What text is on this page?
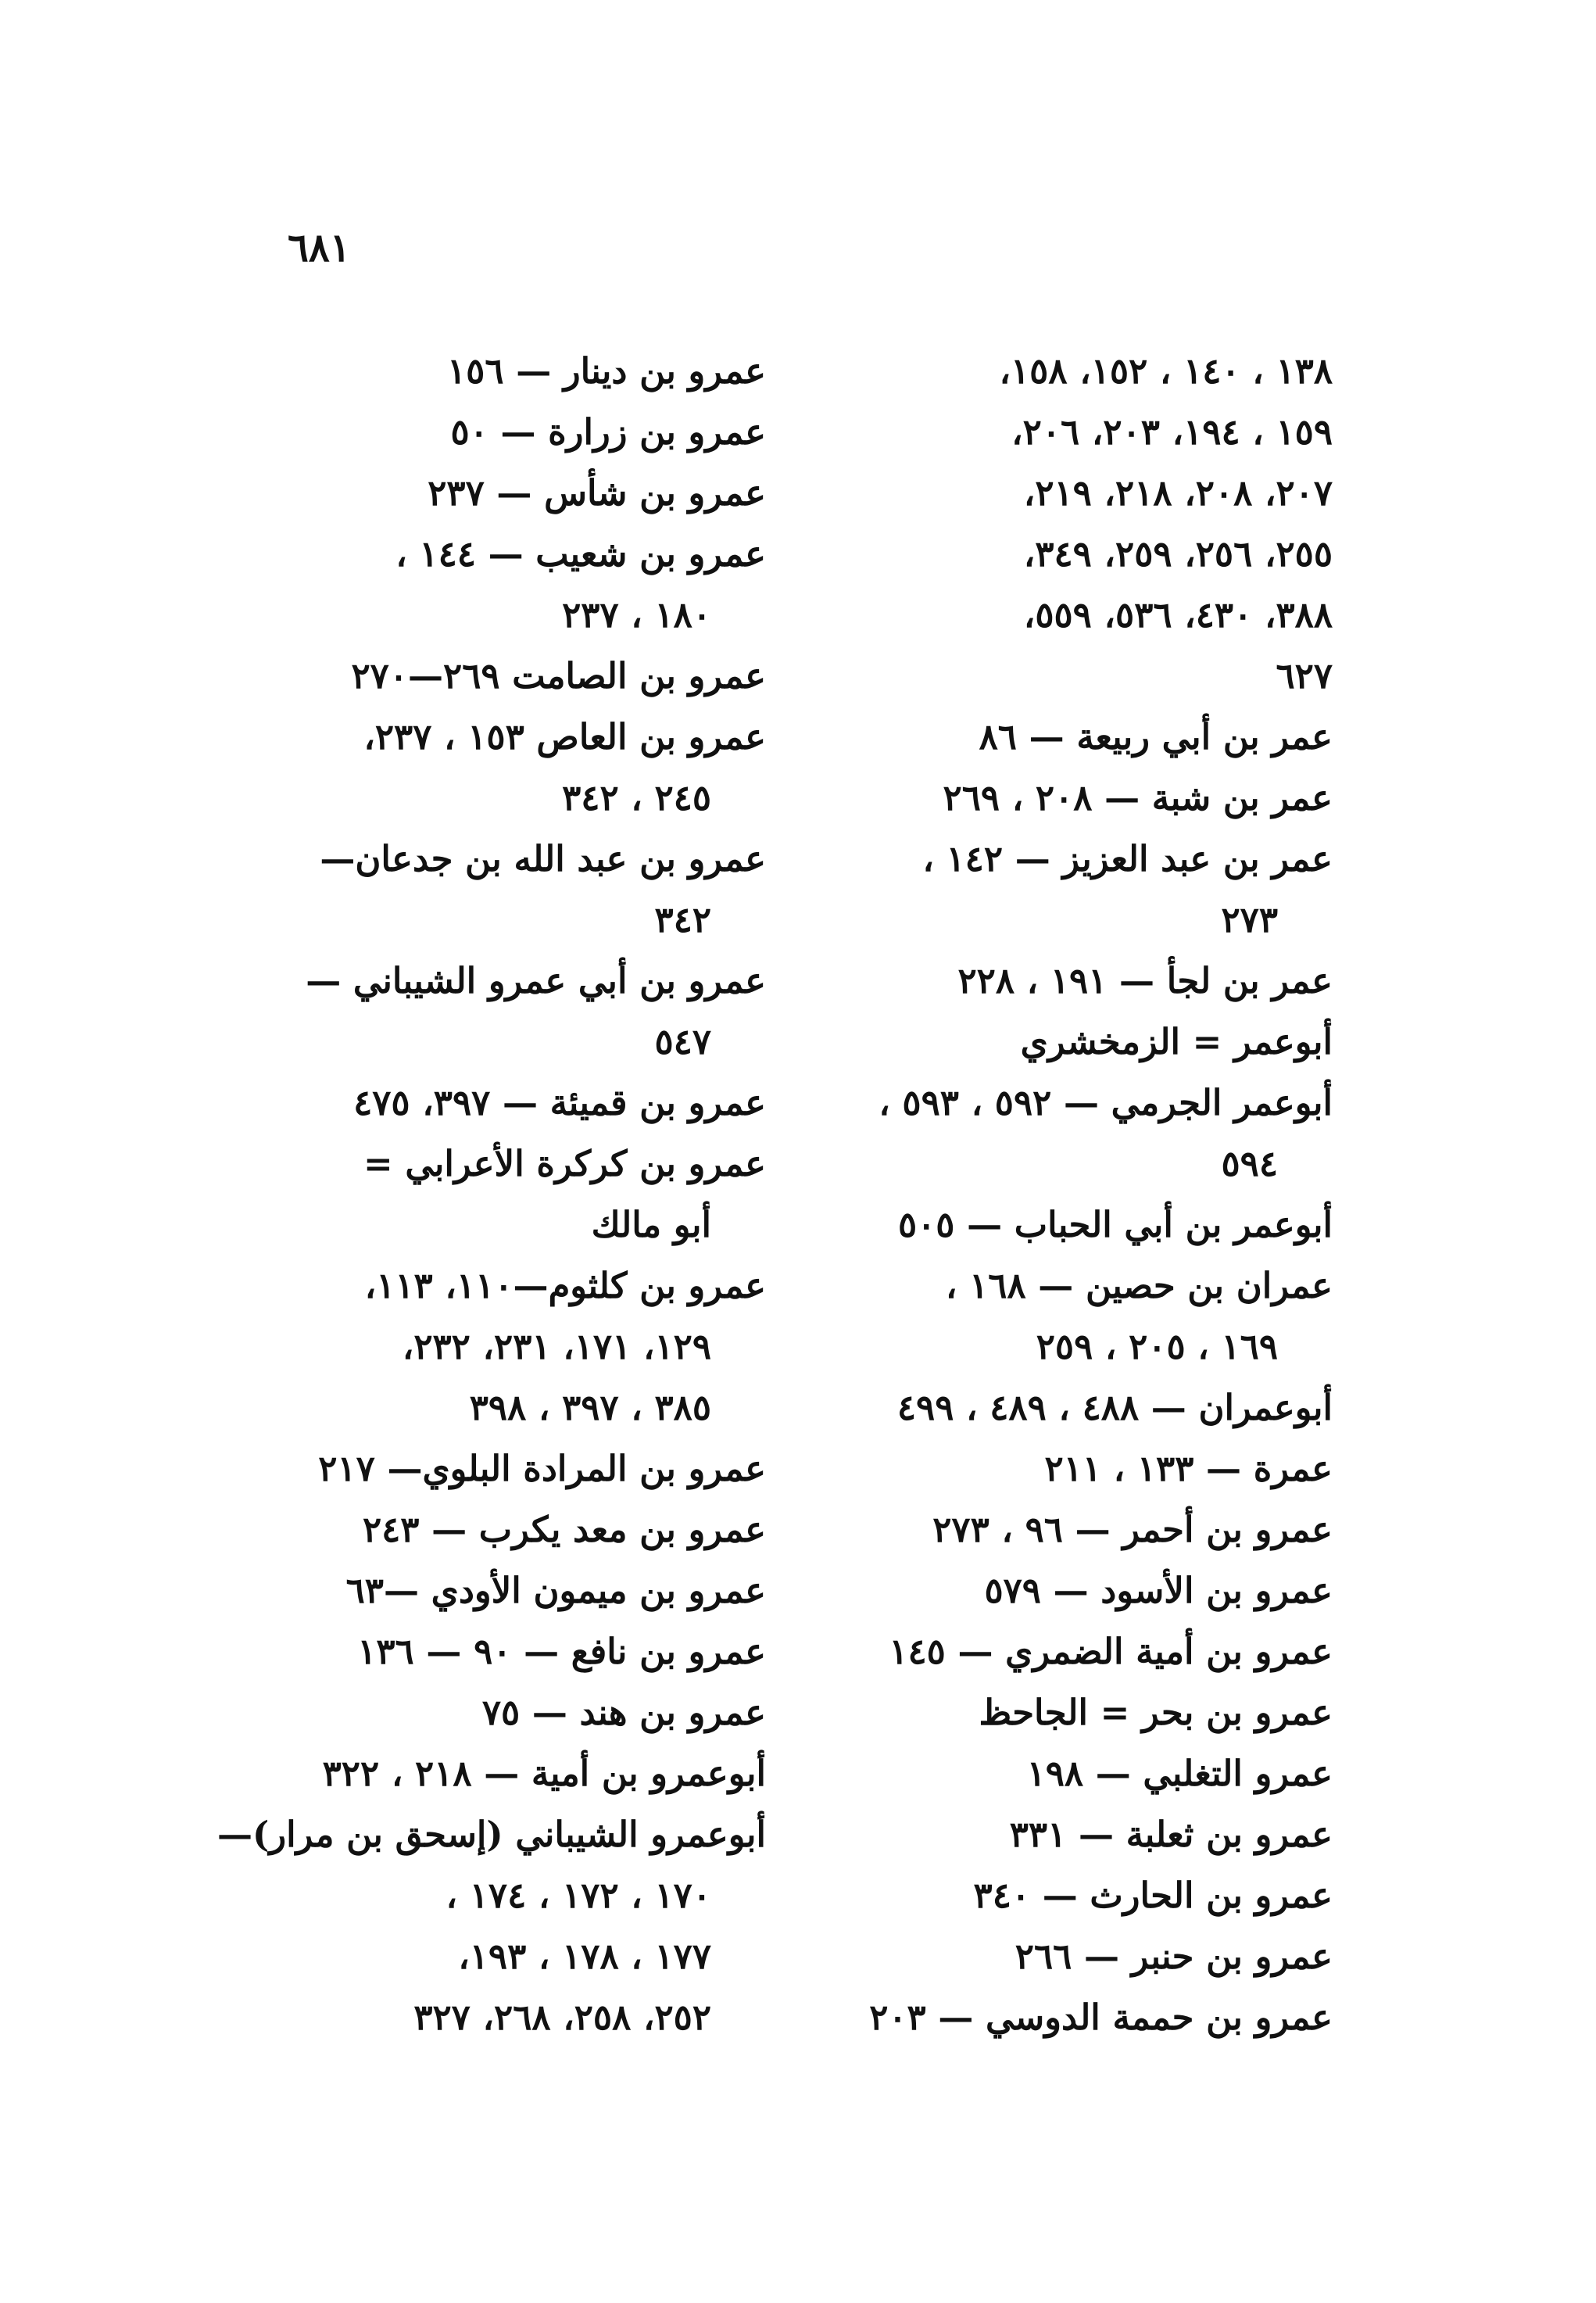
٦٨١
١٣٨ ، ١٤٠ ، ١٥٢، ١٥٨،
١٥٩ ، ١٩٤، ٢٠٣، ٢٠٦،
٢٠٧، ٢٠٨، ٢١٨، ٢١٩،
٢٥٥، ٢٥٦، ٢٥٩، ٣٤٩،
٣٨٨، ٤٣٠، ٥٣٦، ٥٥٩،
٦٢٧
عمر بن أبي ربيعة — ٨٦
عمر بن شبة — ٢٠٨ ، ٢٦٩
عمر بن عبد العزيز — ١٤٢ ،
٢٧٣
عمر بن لجأ — ١٩١ ، ٢٢٨
أبوعمر = الزمخشري
أبوعمر الجرمي — ٥٩٢ ، ٥٩٣ ،
٥٩٤
أبوعمر بن أبي الحباب — ٥٠٥
عمران بن حصين — ١٦٨ ،
١٦٩ ، ٢٠٥ ، ٢٥٩
أبوعمران — ٤٨٨ ، ٤٨٩ ، ٤٩٩
عمرة — ١٣٣ ، ٢١١
عمرو بن أحمر — ٩٦ ، ٢٧٣
عمرو بن الأسود — ٥٧٩
عمرو بن أمية الضمري — ١٤٥
عمرو بن بحر = الجاحظ
عمرو التغلبي — ١٩٨
عمرو بن ثعلبة — ٣٣١
عمرو بن الحارث — ٣٤٠
عمرو بن حنبر — ٢٦٦
عمرو بن حممة الدوسي — ٢٠٣
عمرو بن دينار — ١٥٦
عمرو بن زرارة — ٥٠
عمرو بن شأس — ٢٣٧
عمرو بن شعيب — ١٤٤ ،
١٨٠ ، ٢٣٧
عمرو بن الصامت ٢٦٩—٢٧٠
عمرو بن العاص ١٥٣ ، ٢٣٧،
٢٤٥ ، ٣٤٢
عمرو بن عبد الله بن جدعان—
٣٤٢
عمرو بن أبي عمرو الشيباني —
٥٤٧
عمرو بن قميئة — ٣٩٧، ٤٧٥
عمرو بن كركرة الأعرابي =
أبو مالك
عمرو بن كلثوم—١١٠، ١١٣،
١٢٩، ١٧١، ٢٣١، ٢٣٢،
٣٨٥ ، ٣٩٧ ، ٣٩٨
عمرو بن المرادة البلوي— ٢١٧
عمرو بن معد يكرب — ٢٤٣
عمرو بن ميمون الأودي —٦٣
عمرو بن نافع — ٩٠ — ١٣٦
عمرو بن هند — ٧٥
أبوعمرو بن أمية — ٢١٨ ، ٣٢٢
أبوعمرو الشيباني (إسحق بن مرار)—
١٧٠ ، ١٧٢ ، ١٧٤ ،
١٧٧ ، ١٧٨ ، ١٩٣،
٢٥٢، ٢٥٨، ٢٦٨، ٣٢٧
